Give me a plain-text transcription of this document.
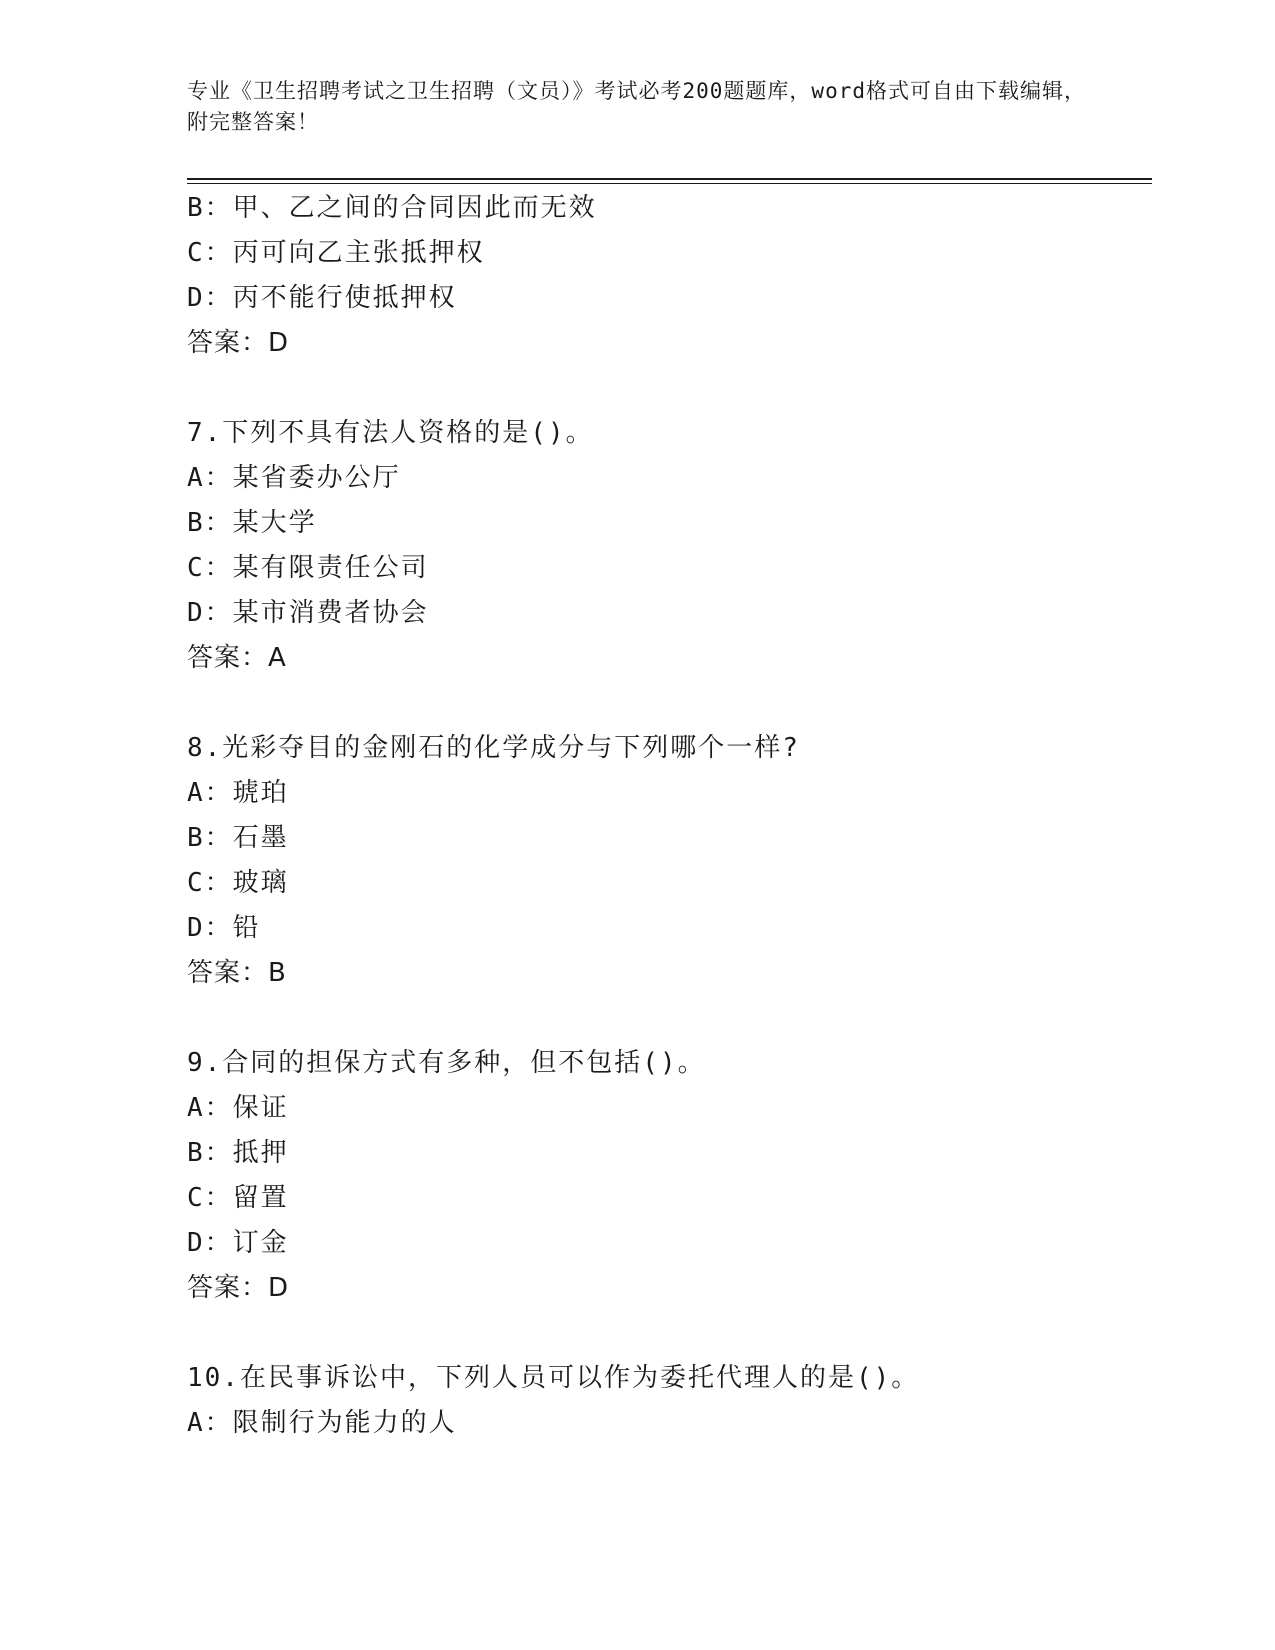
专业《卫生招聘考试之卫生招聘（文员）》考试必考200题题库，word格式可自由下载编辑，附完整答案！
B：甲、乙之间的合同因此而无效
C：丙可向乙主张抵押权
D：丙不能行使抵押权
答案：D
7.下列不具有法人资格的是()。
A：某省委办公厅
B：某大学
C：某有限责任公司
D：某市消费者协会
答案：A
8.光彩夺目的金刚石的化学成分与下列哪个一样?
A：琥珀
B：石墨
C：玻璃
D：铅
答案：B
9.合同的担保方式有多种，但不包括()。
A：保证
B：抵押
C：留置
D：订金
答案：D
10.在民事诉讼中，下列人员可以作为委托代理人的是()。
A：限制行为能力的人
